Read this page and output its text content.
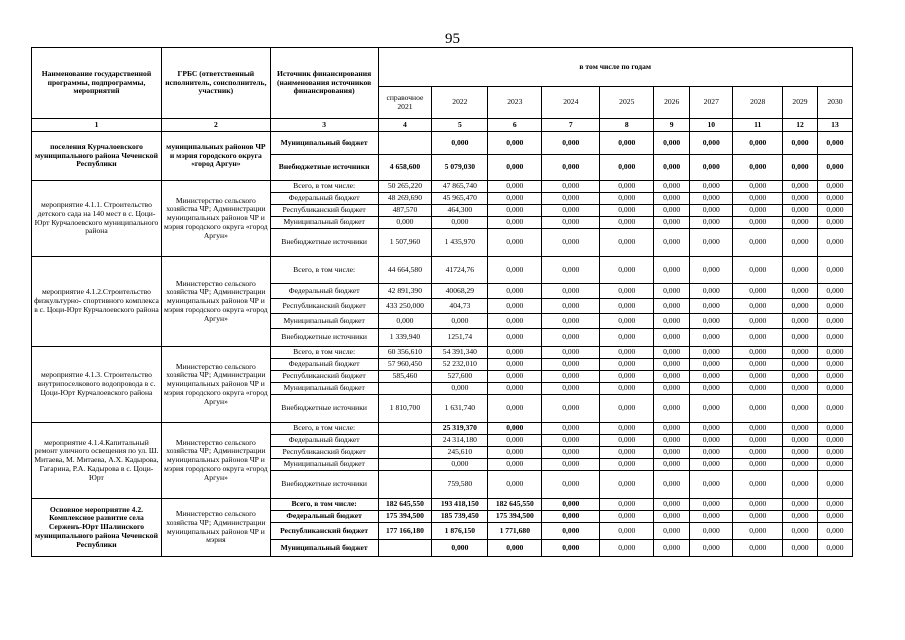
95
Наименование государственной программы, подпрограммы, мероприятий	ГРБС (ответственный исполнитель, соисполнитель, участник)	Источник финансирования (наименования источников финансирования)	в том числе по годам									
			справочное 2021	2022	2023	2024	2025	2026	2027	2028	2029	2030
1	2	3	4	5	6	7	8	9	10	11	12	13
поселения Курчалоевского муниципального района Чеченской Республики	муниципальных районов ЧР и мэрия городского округа «город Аргун»	Муниципальный бюджет		0,000	0,000	0,000	0,000	0,000	0,000	0,000	0,000	0,000
		Внебюджетные источники	4 658,600	5 079,030	0,000	0,000	0,000	0,000	0,000	0,000	0,000	0,000
мероприятие 4.1.1. Строительство детского сада на 140 мест в с. Цоци-Юрт Курчалоевского муниципального района	Министерство сельского хозяйства ЧР; Администрации муниципальных районов ЧР и мэрия городского округа «город Аргун»	Всего, в том числе:	50 265,220	47 865,740	0,000	0,000	0,000	0,000	0,000	0,000	0,000	0,000
		Федеральный бюджет	48 269,690	45 965,470	0,000	0,000	0,000	0,000	0,000	0,000	0,000	0,000
		Республиканский бюджет	487,570	464,300	0,000	0,000	0,000	0,000	0,000	0,000	0,000	0,000
		Муниципальный бюджет	0,000	0,000	0,000	0,000	0,000	0,000	0,000	0,000	0,000	0,000
		Внебюджетные источники	1 507,960	1 435,970	0,000	0,000	0,000	0,000	0,000	0,000	0,000	0,000
мероприятие 4.1.2.Строительство физкультурно- спортивного комплекса в с. Цоци-Юрт Курчалоевского района	Министерство сельского хозяйства ЧР; Администрации муниципальных районов ЧР и мэрия городского округа «город Аргун»	Всего, в том числе:	44 664,580	41724,76	0,000	0,000	0,000	0,000	0,000	0,000	0,000	0,000
		Федеральный бюджет	42 891,390	40068,29	0,000	0,000	0,000	0,000	0,000	0,000	0,000	0,000
		Республиканский бюджет	433 250,000	404,73	0,000	0,000	0,000	0,000	0,000	0,000	0,000	0,000
		Муниципальный бюджет	0,000	0,000	0,000	0,000	0,000	0,000	0,000	0,000	0,000	0,000
		Внебюджетные источники	1 339,940	1251,74	0,000	0,000	0,000	0,000	0,000	0,000	0,000	0,000
мероприятие 4.1.3. Строительство внутрипоселкового водопровода в с. Цоци-Юрт Курчалоевского района	Министерство сельского хозяйства ЧР; Администрации муниципальных районов ЧР и мэрия городского округа «город Аргун»	Всего, в том числе:	60 356,610	54 391,340	0,000	0,000	0,000	0,000	0,000	0,000	0,000	0,000
		Федеральный бюджет	57 960,450	52 232,010	0,000	0,000	0,000	0,000	0,000	0,000	0,000	0,000
		Республиканский бюджет	585,460	527,600	0,000	0,000	0,000	0,000	0,000	0,000	0,000	0,000
		Муниципальный бюджет		0,000	0,000	0,000	0,000	0,000	0,000	0,000	0,000	0,000
		Внебюджетные источники	1 810,700	1 631,740	0,000	0,000	0,000	0,000	0,000	0,000	0,000	0,000
мероприятие 4.1.4.Капитальный ремонт уличного освещения по ул. Ш. Митаева, М. Митаева, А.Х. Кадырова, Гагарина, Р.А. Кадырова в с. Цоци-Юрт	Министерство сельского хозяйства ЧР; Администрации муниципальных районов ЧР и мэрия городского округа «город Аргун»	Всего, в том числе:		25 319,370	0,000	0,000	0,000	0,000	0,000	0,000	0,000	0,000
		Федеральный бюджет		24 314,180	0,000	0,000	0,000	0,000	0,000	0,000	0,000	0,000
		Республиканский бюджет		245,610	0,000	0,000	0,000	0,000	0,000	0,000	0,000	0,000
		Муниципальный бюджет		0,000	0,000	0,000	0,000	0,000	0,000	0,000	0,000	0,000
		Внебюджетные источники		759,580	0,000	0,000	0,000	0,000	0,000	0,000	0,000	0,000
Основное мероприятие 4.2. Комплексное развитие села Серженъ-Юрт Шалинского муниципального района Чеченской Республики	Министерство сельского хозяйства ЧР; Администрации муниципальных районов ЧР и мэрия	Всего, в том числе:	182 645,550	193 418,150	182 645,550	0,000	0,000	0,000	0,000	0,000	0,000	0,000
		Федеральный бюджет	175 394,500	185 739,450	175 394,500	0,000	0,000	0,000	0,000	0,000	0,000	0,000
		Республиканский бюджет	177 166,180	1 876,150	1 771,680	0,000	0,000	0,000	0,000	0,000	0,000	0,000
		Муниципальный бюджет		0,000	0,000	0,000	0,000	0,000	0,000	0,000	0,000	0,000
